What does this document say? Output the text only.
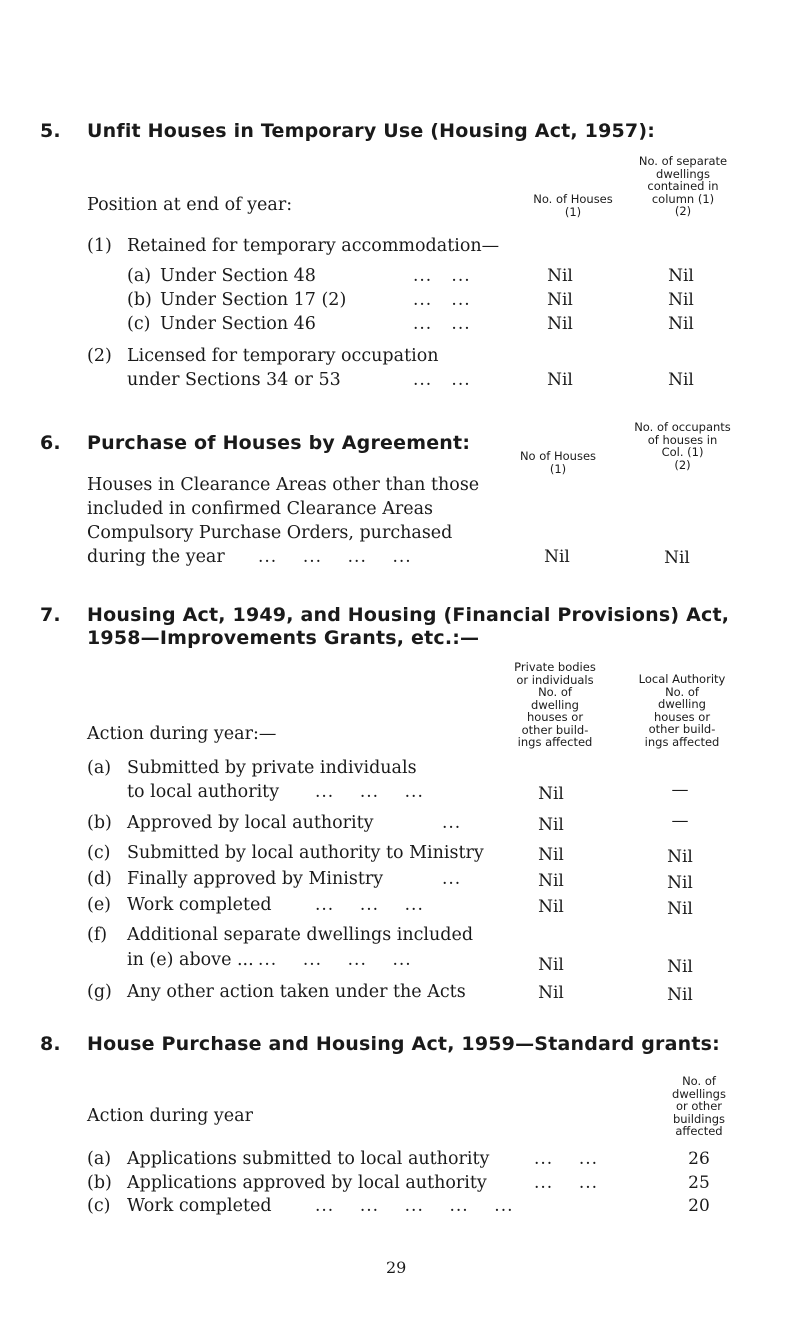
5. Unfit Houses in Temporary Use (Housing Act, 1957):
No. of Houses
(1)
No. of separate
dwellings
contained in
column (1)
(2)
Position at end of year:
(1) Retained for temporary accommodation—
(a) Under Section 48	...   ...	Nil	Nil
(b) Under Section 17 (2)	...   ...	Nil	Nil
(c) Under Section 46	...   ...	Nil	Nil
(2) Licensed for temporary occupation
under Sections 34 or 53	...   ...	Nil	Nil
6. Purchase of Houses by Agreement:
No of Houses
(1)
No. of occupants
of houses in
Col. (1)
(2)
Houses in Clearance Areas other than those
included in confirmed Clearance Areas
Compulsory Purchase Orders, purchased
during the year ...    ...    ...    ...	Nil	Nil
7. Housing Act, 1949, and Housing (Financial Provisions) Act,
1958—Improvements Grants, etc.:—
Private bodies
or individuals
No. of
dwelling
houses or
other build-
ings affected
Local Authority
No. of
dwelling
houses or
other build-
ings affected
Action during year:—
(a) Submitted by private individuals
to local authority ...    ...    ...	Nil	—
(b) Approved by local authority	...	Nil	—
(c) Submitted by local authority to Ministry	Nil	Nil
(d) Finally approved by Ministry	...	Nil	Nil
(e) Work completed	...    ...    ...	Nil	Nil
(f) Additional separate dwellings included
in (e) above ... ...    ...    ...    ...	Nil	Nil
(g) Any other action taken under the Acts	Nil	Nil
8. House Purchase and Housing Act, 1959—Standard grants:
No. of
dwellings
or other
buildings
affected
Action during year
(a) Applications submitted to local authority	...    ...	26
(b) Applications approved by local authority	...    ...	25
(c) Work completed	...    ...    ...    ...    ...	20
29
